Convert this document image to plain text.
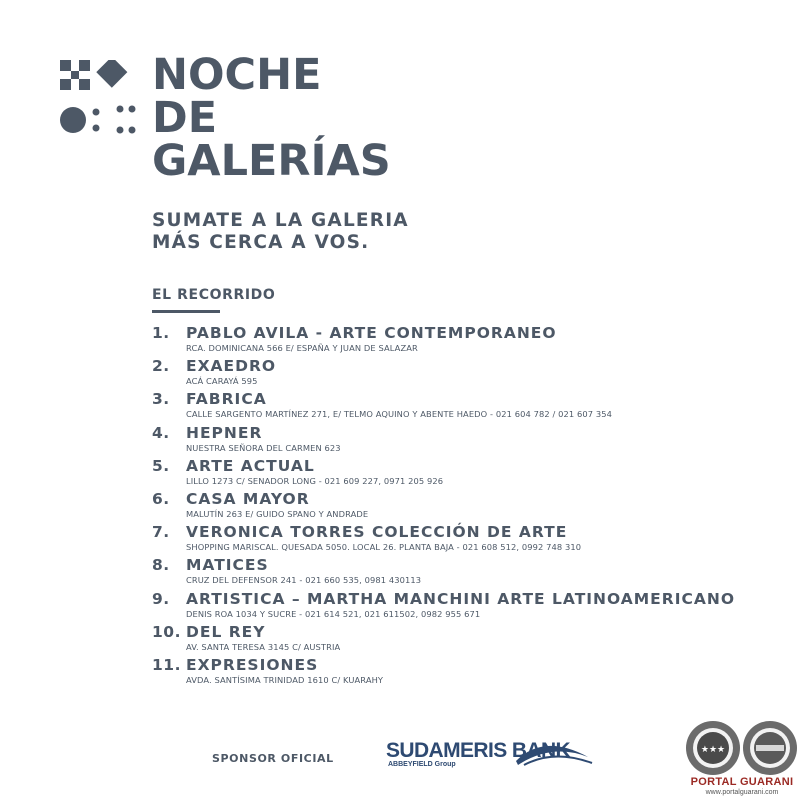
NOCHE
DE
GALERÍAS
SUMATE A LA GALERIA
MÁS CERCA A VOS.
EL RECORRIDO
1. PABLO AVILA - ARTE CONTEMPORANEO
RCA. DOMINICANA 566 E/ ESPAÑA Y JUAN DE SALAZAR
2. EXAEDRO
ACÁ CARAYÁ 595
3. FABRICA
CALLE SARGENTO MARTÍNEZ 271, E/ TELMO AQUINO Y ABENTE HAEDO - 021 604 782 / 021 607 354
4. HEPNER
NUESTRA SEÑORA DEL CARMEN 623
5. ARTE ACTUAL
LILLO 1273 C/ SENADOR LONG - 021 609 227, 0971 205 926
6. CASA MAYOR
MALUTÍN 263 E/ GUIDO SPANO Y ANDRADE
7. VERONICA TORRES COLECCIÓN DE ARTE
SHOPPING MARISCAL. QUESADA 5050. LOCAL 26. PLANTA BAJA - 021 608 512, 0992 748 310
8. MATICES
CRUZ DEL DEFENSOR 241 - 021 660 535, 0981 430113
9. ARTISTICA – MARTHA MANCHINI ARTE LATINOAMERICANO
DENIS ROA 1034 Y SUCRE - 021 614 521, 021 611502, 0982 955 671
10. DEL REY
AV. SANTA TERESA 3145 C/ AUSTRIA
11. EXPRESIONES
AVDA. SANTÍSIMA TRINIDAD 1610 C/ KUARAHY
SPONSOR OFICIAL SUDAMERIS BANK
ABBEYFIELD Group
★★★
PORTAL GUARANI
www.portalguarani.com
